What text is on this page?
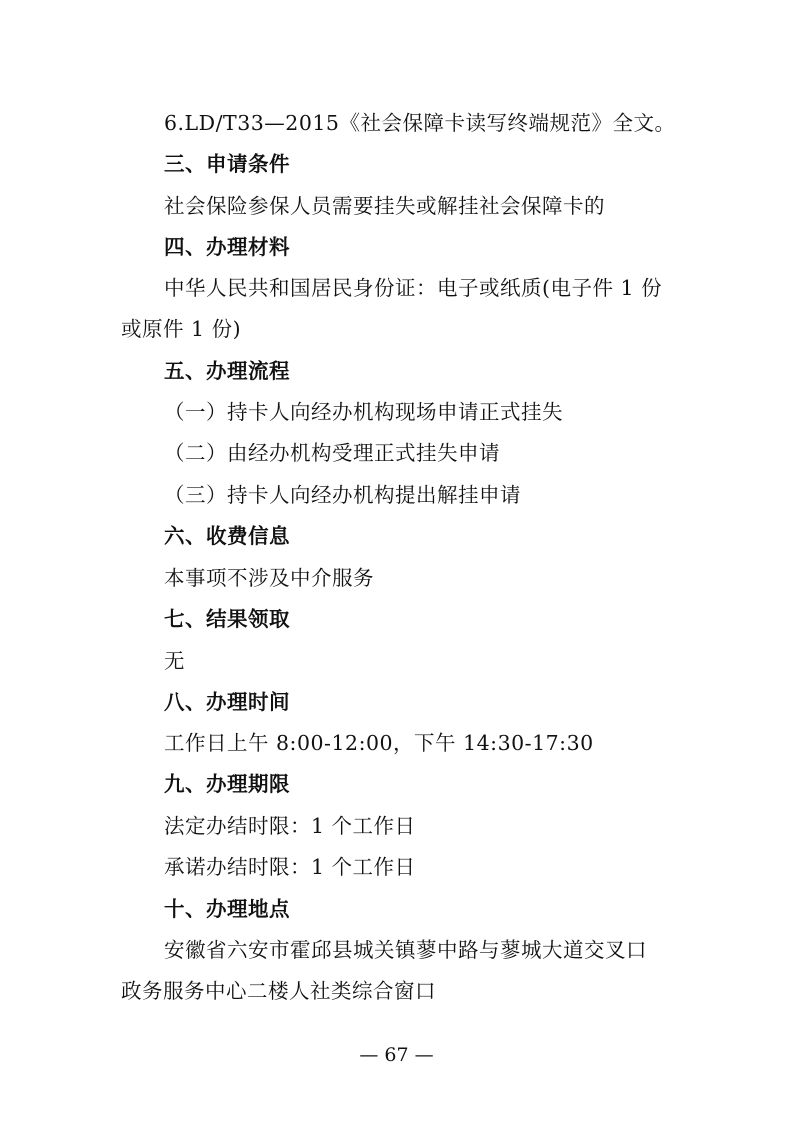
6.LD/T33—2015《社会保障卡读写终端规范》全文。
三、申请条件
社会保险参保人员需要挂失或解挂社会保障卡的
四、办理材料
中华人民共和国居民身份证：电子或纸质(电子件 1 份
或原件 1 份)
五、办理流程
（一）持卡人向经办机构现场申请正式挂失
（二）由经办机构受理正式挂失申请
（三）持卡人向经办机构提出解挂申请
六、收费信息
本事项不涉及中介服务
七、结果领取
无
八、办理时间
工作日上午 8:00-12:00，下午 14:30-17:30
九、办理期限
法定办结时限：1 个工作日
承诺办结时限：1 个工作日
十、办理地点
安徽省六安市霍邱县城关镇蓼中路与蓼城大道交叉口
政务服务中心二楼人社类综合窗口
— 67 —
